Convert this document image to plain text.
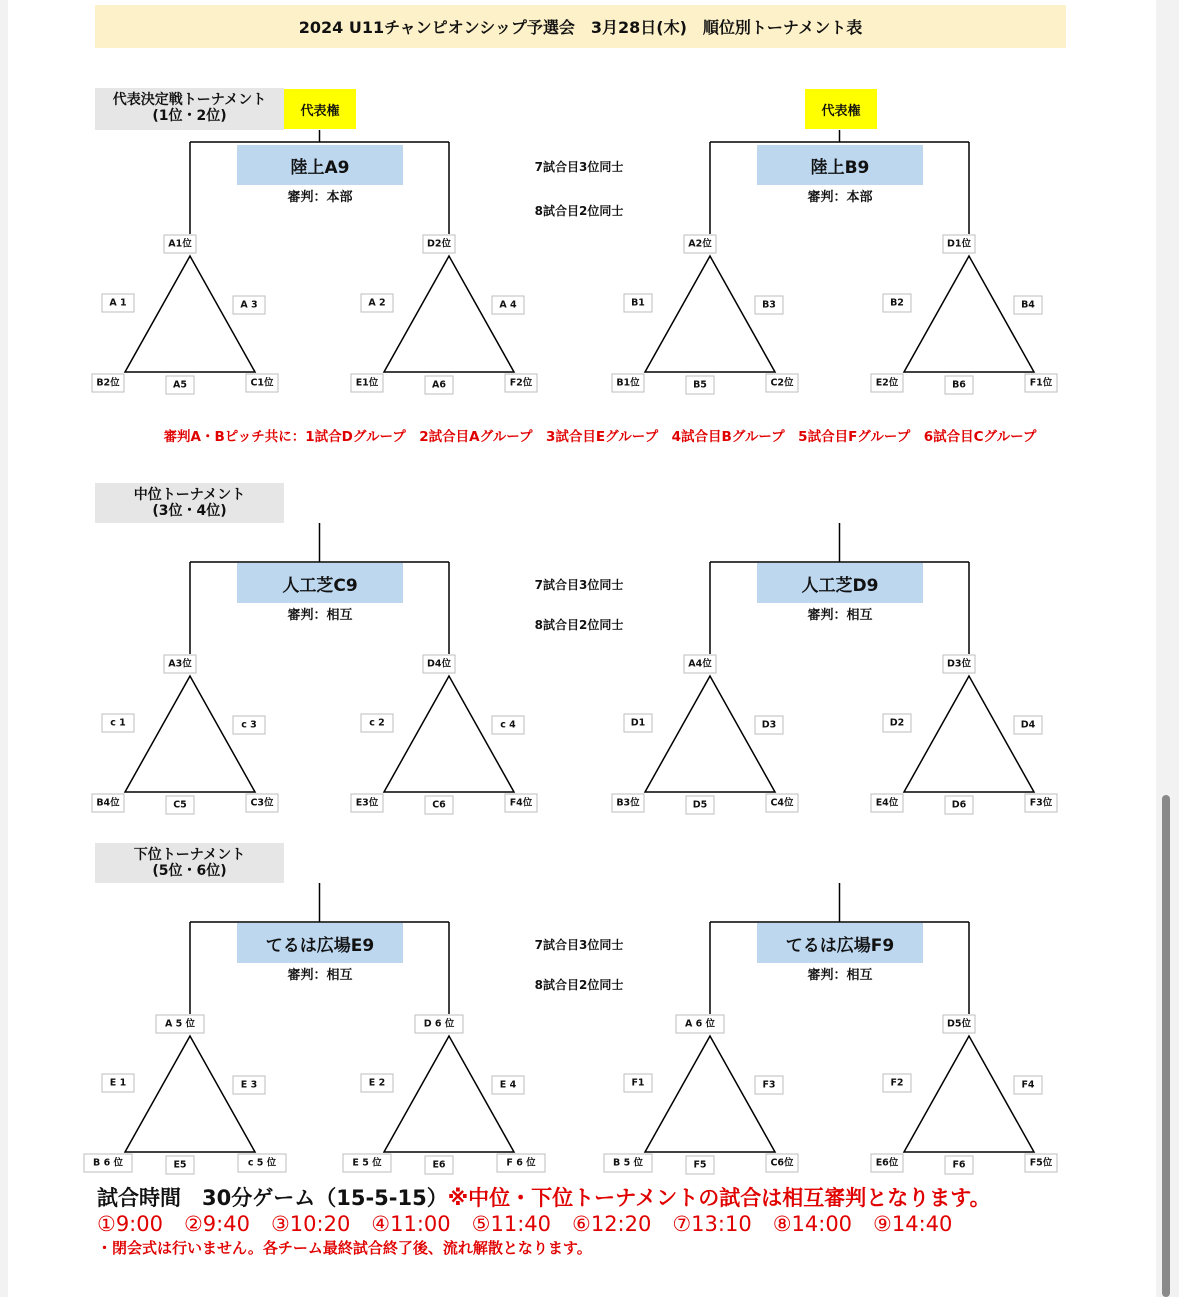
A1位
A 1	A 3
B2位	A5	C1位
D2位
A 2	A 4
E1位	A6	F2位
A2位
B1	B3
B1位	B5	C2位
D1位
B2	B4
E2位	B6	F1位
A3位
c 1	c 3
B4位	C5	C3位
D4位
c 2	c 4
E3位	C6	F4位
A4位
D1	D3
B3位	D5	C4位
D3位
D2	D4
E4位	D6	F3位
A 5 位
E 1	E 3
B 6 位	E5	c 5 位
D 6 位
E 2	E 4
E 5 位	E6	F 6 位
A 6 位
F1	F3
B 5 位	F5	C6位
D5位
F2	F4
E6位	F6	F5位
2024 U11チャンピオンシップ予選会　3月28日(木)　順位別トーナメント表
代表決定戦トーナメント
(1位・2位)	代表権	代表権
陸上A9	陸上B9
審判：本部	審判：本部
7試合目3位同士
8試合目2位同士
審判A・Bピッチ共に：1試合Dグループ　2試合目Aグループ　3試合目Eグループ　4試合目Bグループ　5試合目Fグループ　6試合目Cグループ
中位トーナメント
(3位・4位)
人工芝C9	人工芝D9
審判：相互	審判：相互
7試合目3位同士
8試合目2位同士
下位トーナメント
(5位・6位)
てるは広場E9	てるは広場F9
審判：相互	審判：相互
7試合目3位同士
8試合目2位同士
試合時間　30分ゲーム（15-5-15）※中位・下位トーナメントの試合は相互審判となります。
①9:00　②9:40　③10:20　④11:00　⑤11:40　⑥12:20　⑦13:10　⑧14:00　⑨14:40
・閉会式は行いません。各チーム最終試合終了後、流れ解散となります。
